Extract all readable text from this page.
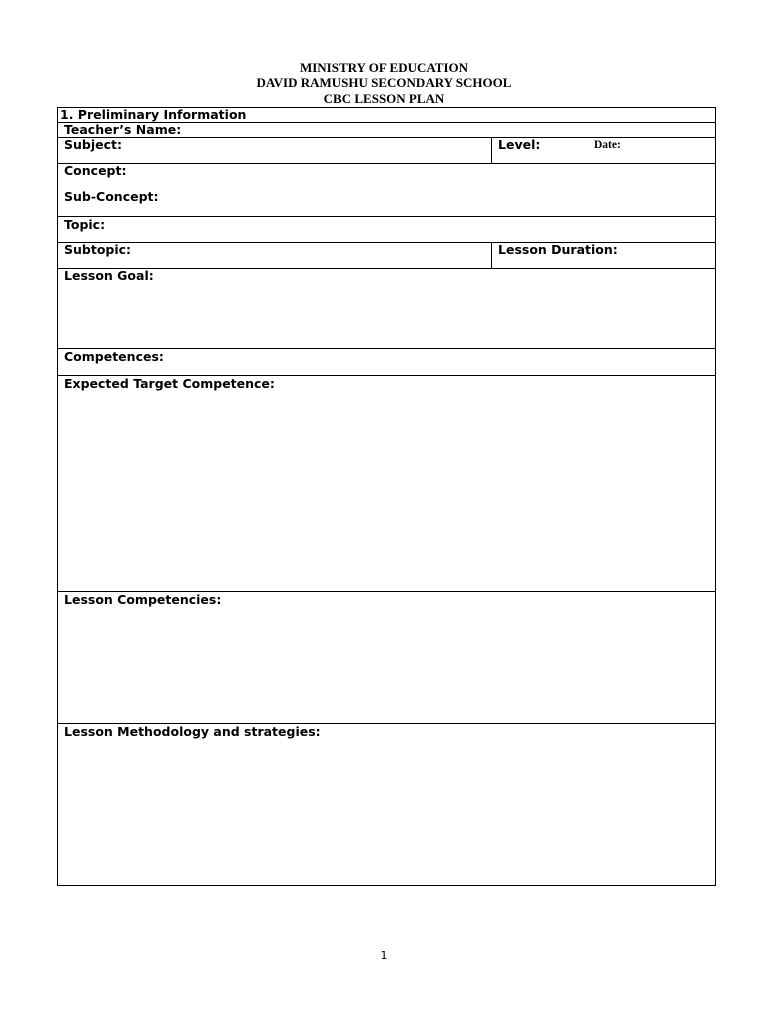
MINISTRY OF EDUCATION
DAVID RAMUSHU SECONDARY SCHOOL
CBC LESSON PLAN
1. Preliminary Information
Teacher’s Name:
Subject:	Level:	Date:
Concept:
Sub-Concept:
Topic:
Subtopic:	Lesson Duration:
Lesson Goal:
Competences:
Expected Target Competence:
Lesson Competencies:
Lesson Methodology and strategies:
1
